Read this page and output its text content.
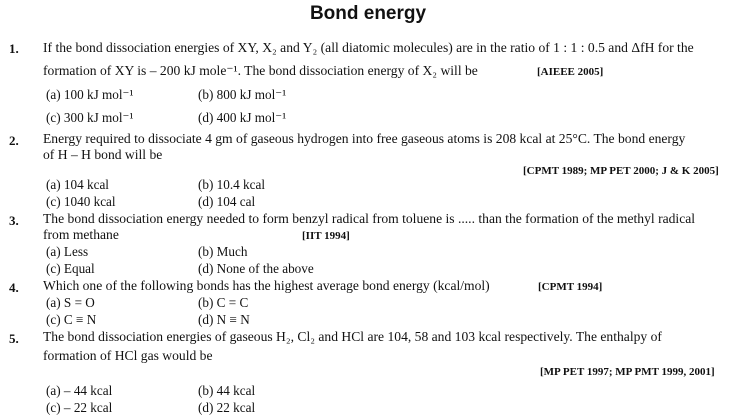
Bond energy
1. If the bond dissociation energies of XY, X₂ and Y₂ (all diatomic molecules) are in the ratio of 1 : 1 : 0.5 and ΔfH for the
formation of XY is – 200 kJ mole⁻¹. The bond dissociation energy of X₂ will be	[AIEEE 2005]
(a) 100 kJ mol⁻¹	(b) 800 kJ mol⁻¹
(c) 300 kJ mol⁻¹	(d) 400 kJ mol⁻¹
2. Energy required to dissociate 4 gm of gaseous hydrogen into free gaseous atoms is 208 kcal at 25°C. The bond energy
of H – H bond will be
[CPMT 1989; MP PET 2000; J & K 2005]
(a) 104 kcal	(b) 10.4 kcal
(c) 1040 kcal	(d) 104 cal
3. The bond dissociation energy needed to form benzyl radical from toluene is ..... than the formation of the methyl radical
from methane	[IIT 1994]
(a) Less	(b) Much
(c) Equal	(d) None of the above
4. Which one of the following bonds has the highest average bond energy (kcal/mol)	[CPMT 1994]
(a) S = O	(b) C = C
(c) C ≡ N	(d) N ≡ N
5. The bond dissociation energies of gaseous H₂, Cl₂ and HCl are 104, 58 and 103 kcal respectively. The enthalpy of
formation of HCl gas would be
[MP PET 1997; MP PMT 1999, 2001]
(a) – 44 kcal	(b) 44 kcal
(c) – 22 kcal	(d) 22 kcal
